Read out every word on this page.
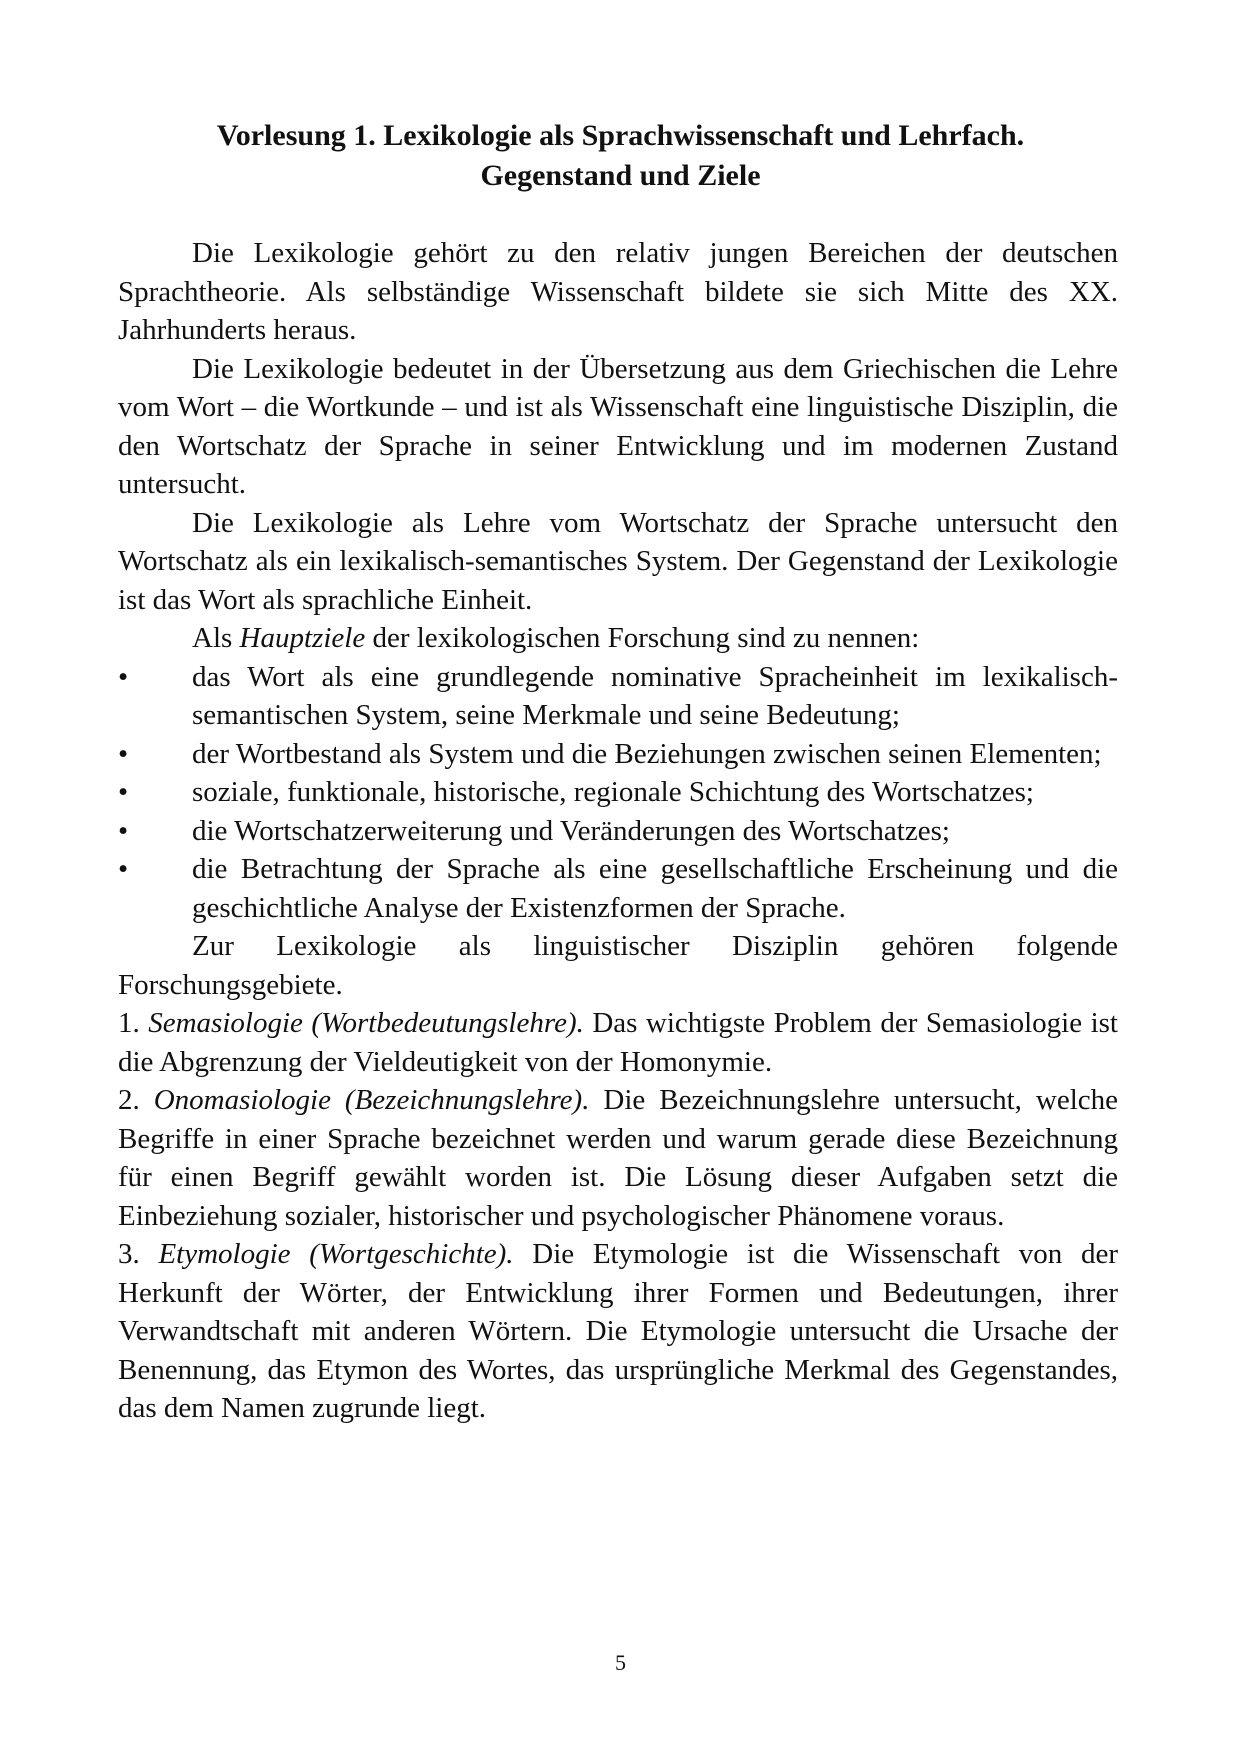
Vorlesung 1. Lexikologie als Sprachwissenschaft und Lehrfach.
Gegenstand und Ziele

Die Lexikologie gehört zu den relativ jungen Bereichen der deutschen Sprachtheorie. Als selbständige Wissenschaft bildete sie sich Mitte des XX. Jahrhunderts heraus.

Die Lexikologie bedeutet in der Übersetzung aus dem Griechischen die Lehre vom Wort – die Wortkunde – und ist als Wissenschaft eine linguistische Disziplin, die den Wortschatz der Sprache in seiner Entwicklung und im modernen Zustand untersucht.

Die Lexikologie als Lehre vom Wortschatz der Sprache untersucht den Wortschatz als ein lexikalisch-semantisches System. Der Gegenstand der Lexikologie ist das Wort als sprachliche Einheit.

Als Hauptziele der lexikologischen Forschung sind zu nennen:

•	das Wort als eine grundlegende nominative Spracheinheit im lexikalisch-semantischen System, seine Merkmale und seine Bedeutung;
•	der Wortbestand als System und die Beziehungen zwischen seinen Elementen;
•	soziale, funktionale, historische, regionale Schichtung des Wortschatzes;
•	die Wortschatzerweiterung und Veränderungen des Wortschatzes;
•	die Betrachtung der Sprache als eine gesellschaftliche Erscheinung und die geschichtliche Analyse der Existenzformen der Sprache.

Zur Lexikologie als linguistischer Disziplin gehören folgende Forschungsgebiete.

1. Semasiologie (Wortbedeutungslehre). Das wichtigste Problem der Semasiologie ist die Abgrenzung der Vieldeutigkeit von der Homonymie.

2. Onomasiologie (Bezeichnungslehre). Die Bezeichnungslehre untersucht, welche Begriffe in einer Sprache bezeichnet werden und warum gerade diese Bezeichnung für einen Begriff gewählt worden ist. Die Lösung dieser Aufgaben setzt die Einbeziehung sozialer, historischer und psychologischer Phänomene voraus.

3. Etymologie (Wortgeschichte). Die Etymologie ist die Wissenschaft von der Herkunft der Wörter, der Entwicklung ihrer Formen und Bedeutungen, ihrer Verwandtschaft mit anderen Wörtern. Die Etymologie untersucht die Ursache der Benennung, das Etymon des Wortes, das ursprüngliche Merkmal des Gegenstandes, das dem Namen zugrunde liegt.

5
